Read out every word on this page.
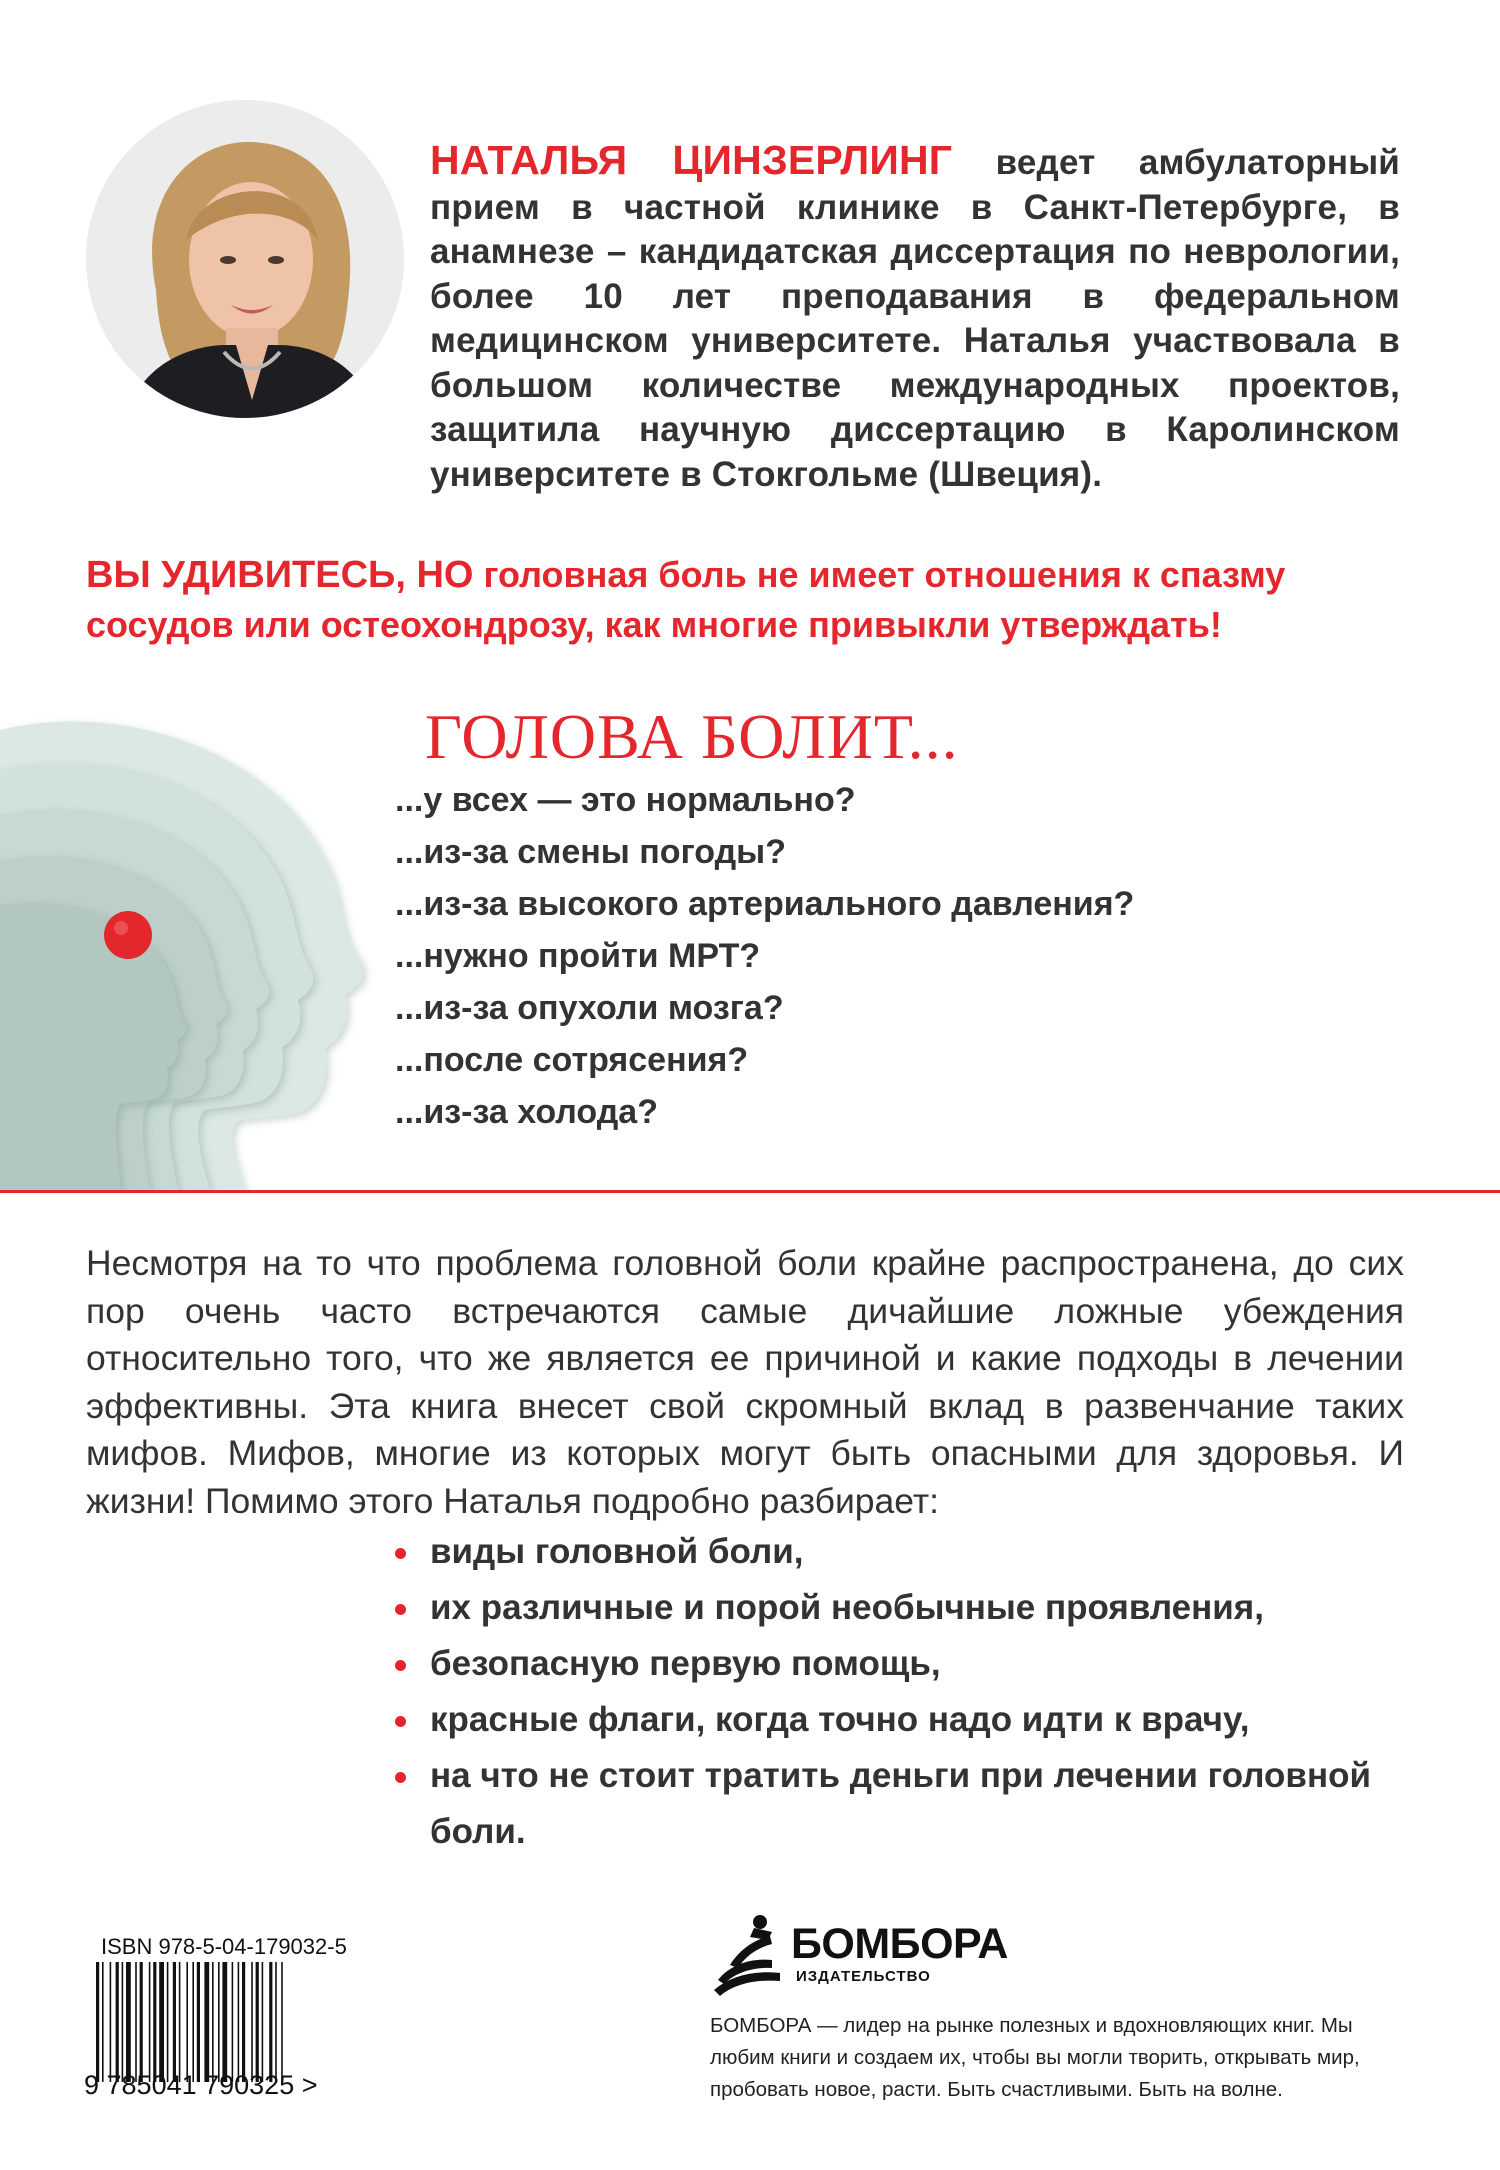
НАТАЛЬЯ ЦИНЗЕРЛИНГ ведет амбулаторный прием в частной клинике в Санкт-Петербурге, в анамнезе – кандидатская диссертация по неврологии, более 10 лет преподавания в федеральном медицинском университете. Наталья участвовала в большом количестве международных проектов, защитила научную диссертацию в Каролинском университете в Стокгольме (Швеция).
ВЫ УДИВИТЕСЬ, НО головная боль не имеет отношения к спазму сосудов или остеохондрозу, как многие привыкли утверждать!
ГОЛОВА БОЛИТ...
...у всех — это нормально?
...из-за смены погоды?
...из-за высокого артериального давления?
...нужно пройти МРТ?
...из-за опухоли мозга?
...после сотрясения?
...из-за холода?
Несмотря на то что проблема головной боли крайне распространена, до сих пор очень часто встречаются самые дичайшие ложные убеждения относительно того, что же является ее причиной и какие подходы в лечении эффективны. Эта книга внесет свой скромный вклад в развенчание таких мифов. Мифов, многие из которых могут быть опасными для здоровья. И жизни! Помимо этого Наталья подробно разбирает:
виды головной боли,
их различные и порой необычные проявления,
безопасную первую помощь,
красные флаги, когда точно надо идти к врачу,
на что не стоит тратить деньги при лечении головной боли.
ISBN 978-5-04-179032-5
9 785041 790325 >
БОМБОРА
ИЗДАТЕЛЬСТВО
БОМБОРА — лидер на рынке полезных и вдохновляющих книг. Мы любим книги и создаем их, чтобы вы могли творить, открывать мир, пробовать новое, расти. Быть счастливыми. Быть на волне.
